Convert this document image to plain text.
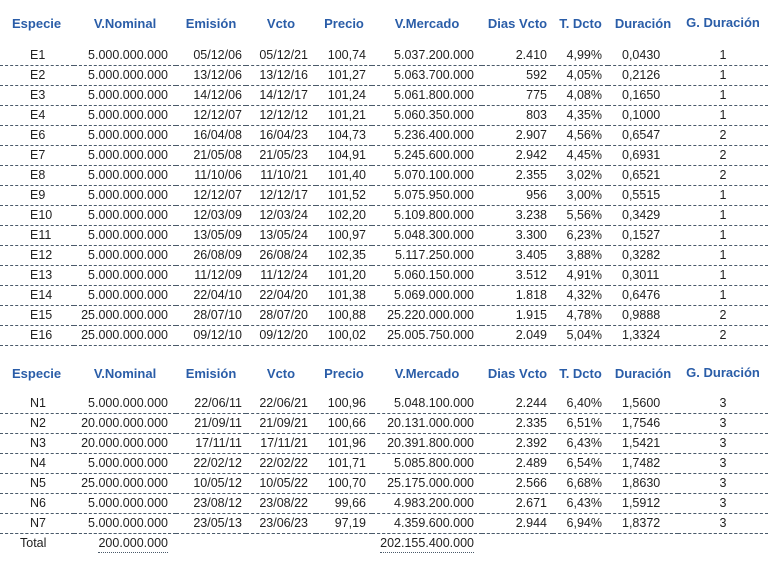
Especie	V.Nominal	Emisión	Vcto	Precio	V.Mercado	Dias Vcto	T. Dcto	Duración	G. Duración
E1	5.000.000.000	05/12/06	05/12/21	100,74	5.037.200.000	2.410	4,99%	0,0430	1
E2	5.000.000.000	13/12/06	13/12/16	101,27	5.063.700.000	592	4,05%	0,2126	1
E3	5.000.000.000	14/12/06	14/12/17	101,24	5.061.800.000	775	4,08%	0,1650	1
E4	5.000.000.000	12/12/07	12/12/12	101,21	5.060.350.000	803	4,35%	0,1000	1
E6	5.000.000.000	16/04/08	16/04/23	104,73	5.236.400.000	2.907	4,56%	0,6547	2
E7	5.000.000.000	21/05/08	21/05/23	104,91	5.245.600.000	2.942	4,45%	0,6931	2
E8	5.000.000.000	11/10/06	11/10/21	101,40	5.070.100.000	2.355	3,02%	0,6521	2
E9	5.000.000.000	12/12/07	12/12/17	101,52	5.075.950.000	956	3,00%	0,5515	1
E10	5.000.000.000	12/03/09	12/03/24	102,20	5.109.800.000	3.238	5,56%	0,3429	1
E11	5.000.000.000	13/05/09	13/05/24	100,97	5.048.300.000	3.300	6,23%	0,1527	1
E12	5.000.000.000	26/08/09	26/08/24	102,35	5.117.250.000	3.405	3,88%	0,3282	1
E13	5.000.000.000	11/12/09	11/12/24	101,20	5.060.150.000	3.512	4,91%	0,3011	1
E14	5.000.000.000	22/04/10	22/04/20	101,38	5.069.000.000	1.818	4,32%	0,6476	1
E15	25.000.000.000	28/07/10	28/07/20	100,88	25.220.000.000	1.915	4,78%	0,9888	2
E16	25.000.000.000	09/12/10	09/12/20	100,02	25.005.750.000	2.049	5,04%	1,3324	2
Especie	V.Nominal	Emisión	Vcto	Precio	V.Mercado	Dias Vcto	T. Dcto	Duración	G. Duración
N1	5.000.000.000	22/06/11	22/06/21	100,96	5.048.100.000	2.244	6,40%	1,5600	3
N2	20.000.000.000	21/09/11	21/09/21	100,66	20.131.000.000	2.335	6,51%	1,7546	3
N3	20.000.000.000	17/11/11	17/11/21	101,96	20.391.800.000	2.392	6,43%	1,5421	3
N4	5.000.000.000	22/02/12	22/02/22	101,71	5.085.800.000	2.489	6,54%	1,7482	3
N5	25.000.000.000	10/05/12	10/05/22	100,70	25.175.000.000	2.566	6,68%	1,8630	3
N6	5.000.000.000	23/08/12	23/08/22	99,66	4.983.200.000	2.671	6,43%	1,5912	3
N7	5.000.000.000	23/05/13	23/06/23	97,19	4.359.600.000	2.944	6,94%	1,8372	3
Total	200.000.000				202.155.400.000				
